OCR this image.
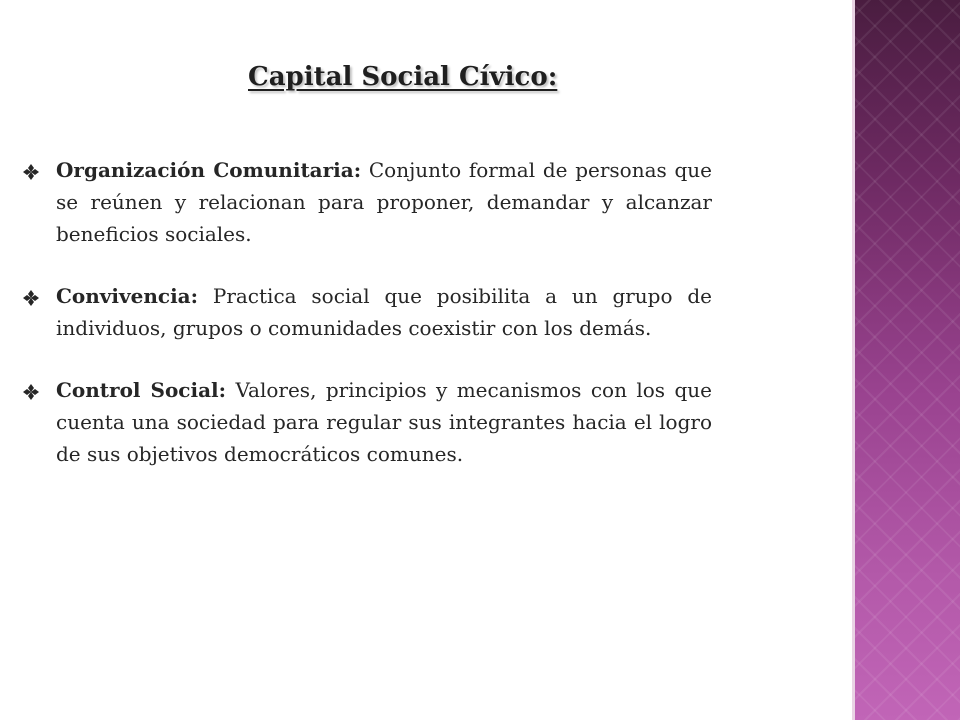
Capital Social Cívico:
Organización Comunitaria: Conjunto formal de personas que se reúnen y relacionan para proponer, demandar y alcanzar beneficios sociales.
Convivencia: Practica social que posibilita a un grupo de individuos, grupos o comunidades coexistir con los demás.
Control Social: Valores, principios y mecanismos con los que cuenta una sociedad para regular sus integrantes hacia el logro de sus objetivos democráticos comunes.
